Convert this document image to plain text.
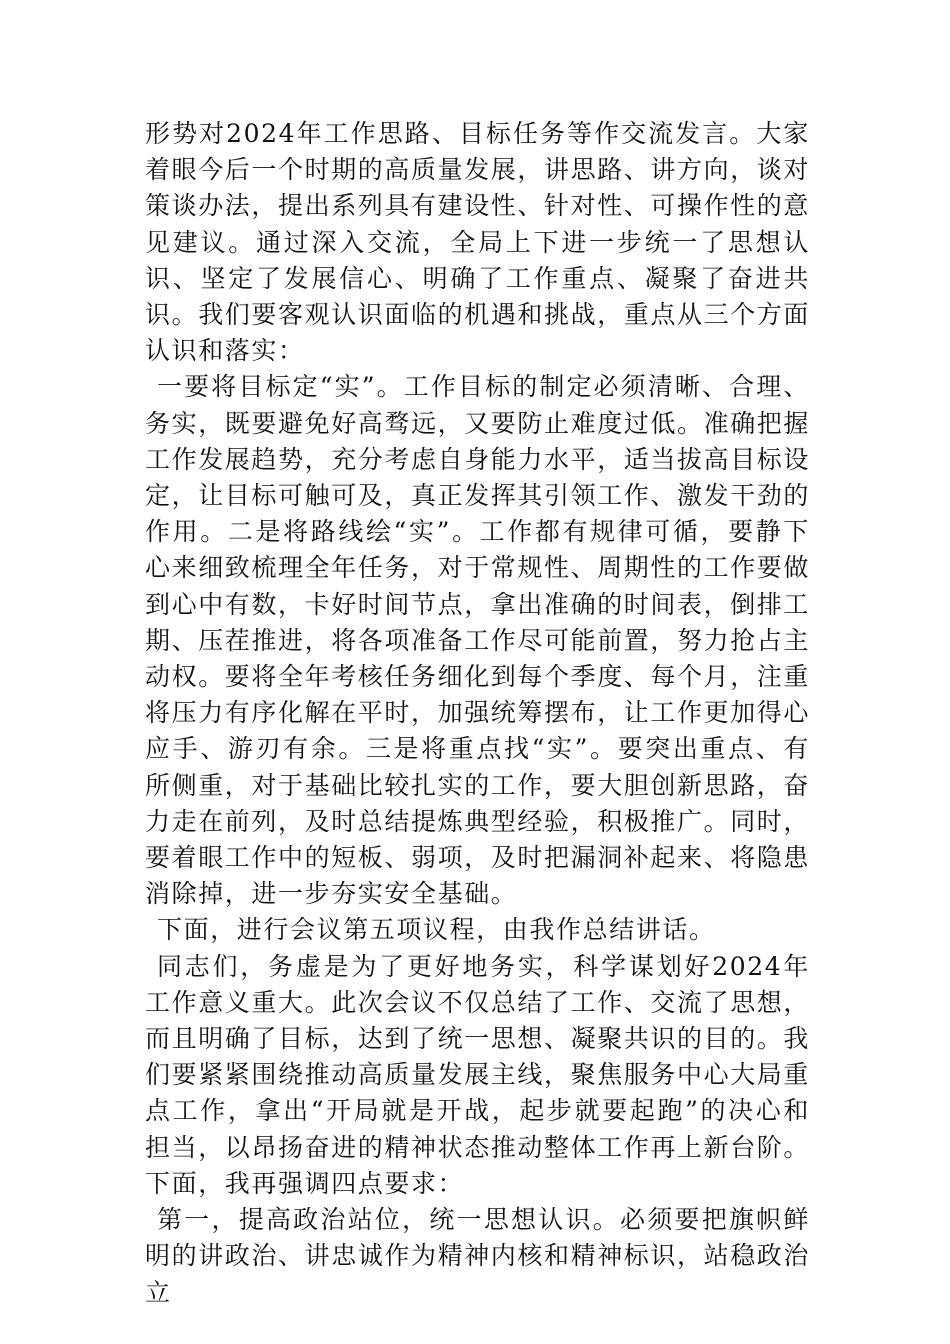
形势对2024年工作思路、目标任务等作交流发言。大家着眼今后一个时期的高质量发展，讲思路、讲方向，谈对策谈办法，提出系列具有建设性、针对性、可操作性的意见建议。通过深入交流，全局上下进一步统一了思想认识、坚定了发展信心、明确了工作重点、凝聚了奋进共识。我们要客观认识面临的机遇和挑战，重点从三个方面认识和落实：

一要将目标定“实”。工作目标的制定必须清晰、合理、务实，既要避免好高骛远，又要防止难度过低。准确把握工作发展趋势，充分考虑自身能力水平，适当拔高目标设定，让目标可触可及，真正发挥其引领工作、激发干劲的作用。二是将路线绘“实”。工作都有规律可循，要静下心来细致梳理全年任务，对于常规性、周期性的工作要做到心中有数，卡好时间节点，拿出准确的时间表，倒排工期、压茬推进，将各项准备工作尽可能前置，努力抢占主动权。要将全年考核任务细化到每个季度、每个月，注重将压力有序化解在平时，加强统筹摆布，让工作更加得心应手、游刃有余。三是将重点找“实”。要突出重点、有所侧重，对于基础比较扎实的工作，要大胆创新思路，奋力走在前列，及时总结提炼典型经验，积极推广。同时，要着眼工作中的短板、弱项，及时把漏洞补起来、将隐患消除掉，进一步夯实安全基础。

下面，进行会议第五项议程，由我作总结讲话。

同志们，务虚是为了更好地务实，科学谋划好2024年工作意义重大。此次会议不仅总结了工作、交流了思想，而且明确了目标，达到了统一思想、凝聚共识的目的。我们要紧紧围绕推动高质量发展主线，聚焦服务中心大局重点工作，拿出“开局就是开战，起步就要起跑”的决心和担当，以昂扬奋进的精神状态推动整体工作再上新台阶。下面，我再强调四点要求：

第一，提高政治站位，统一思想认识。必须要把旗帜鲜明的讲政治、讲忠诚作为精神内核和精神标识，站稳政治立
